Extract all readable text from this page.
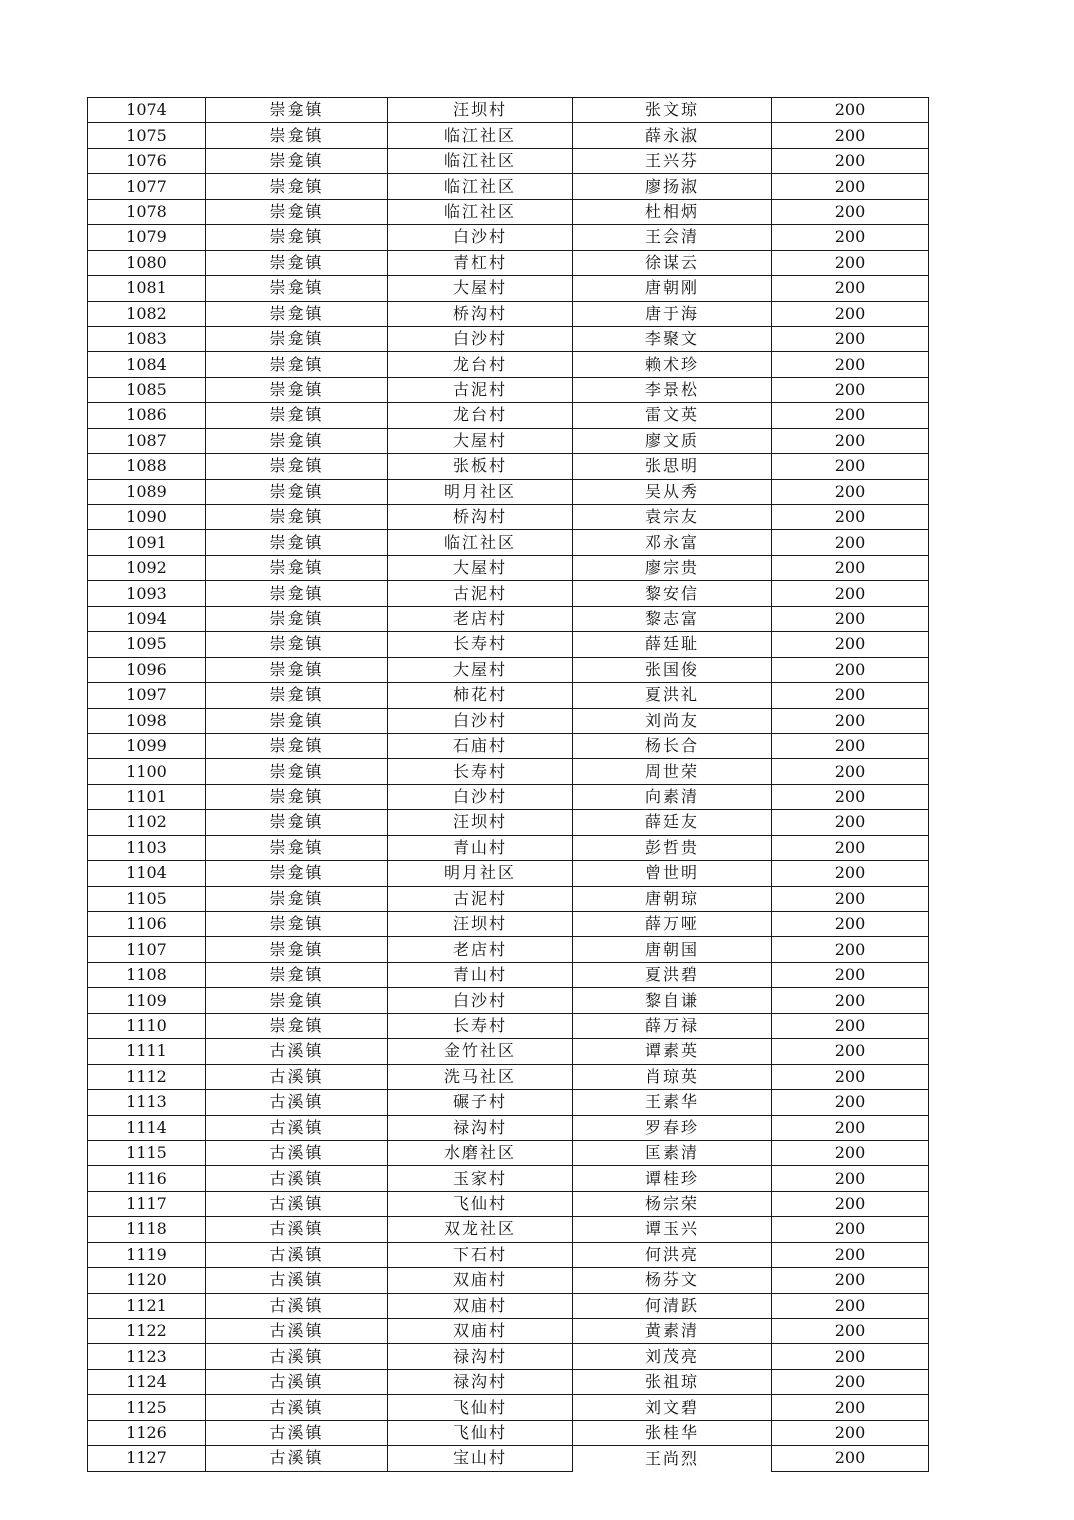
1074	崇龛镇	汪坝村	张文琼	200
1075	崇龛镇	临江社区	薛永淑	200
1076	崇龛镇	临江社区	王兴芬	200
1077	崇龛镇	临江社区	廖扬淑	200
1078	崇龛镇	临江社区	杜相炳	200
1079	崇龛镇	白沙村	王会清	200
1080	崇龛镇	青杠村	徐谋云	200
1081	崇龛镇	大屋村	唐朝刚	200
1082	崇龛镇	桥沟村	唐于海	200
1083	崇龛镇	白沙村	李聚文	200
1084	崇龛镇	龙台村	赖术珍	200
1085	崇龛镇	古泥村	李景松	200
1086	崇龛镇	龙台村	雷文英	200
1087	崇龛镇	大屋村	廖文质	200
1088	崇龛镇	张板村	张思明	200
1089	崇龛镇	明月社区	吴从秀	200
1090	崇龛镇	桥沟村	袁宗友	200
1091	崇龛镇	临江社区	邓永富	200
1092	崇龛镇	大屋村	廖宗贵	200
1093	崇龛镇	古泥村	黎安信	200
1094	崇龛镇	老店村	黎志富	200
1095	崇龛镇	长寿村	薛廷耻	200
1096	崇龛镇	大屋村	张国俊	200
1097	崇龛镇	柿花村	夏洪礼	200
1098	崇龛镇	白沙村	刘尚友	200
1099	崇龛镇	石庙村	杨长合	200
1100	崇龛镇	长寿村	周世荣	200
1101	崇龛镇	白沙村	向素清	200
1102	崇龛镇	汪坝村	薛廷友	200
1103	崇龛镇	青山村	彭哲贵	200
1104	崇龛镇	明月社区	曾世明	200
1105	崇龛镇	古泥村	唐朝琼	200
1106	崇龛镇	汪坝村	薛万哑	200
1107	崇龛镇	老店村	唐朝国	200
1108	崇龛镇	青山村	夏洪碧	200
1109	崇龛镇	白沙村	黎自谦	200
1110	崇龛镇	长寿村	薛万禄	200
1111	古溪镇	金竹社区	谭素英	200
1112	古溪镇	洗马社区	肖琼英	200
1113	古溪镇	碾子村	王素华	200
1114	古溪镇	禄沟村	罗春珍	200
1115	古溪镇	水磨社区	匡素清	200
1116	古溪镇	玉家村	谭桂珍	200
1117	古溪镇	飞仙村	杨宗荣	200
1118	古溪镇	双龙社区	谭玉兴	200
1119	古溪镇	下石村	何洪亮	200
1120	古溪镇	双庙村	杨芬文	200
1121	古溪镇	双庙村	何清跃	200
1122	古溪镇	双庙村	黄素清	200
1123	古溪镇	禄沟村	刘茂亮	200
1124	古溪镇	禄沟村	张祖琼	200
1125	古溪镇	飞仙村	刘文碧	200
1126	古溪镇	飞仙村	张桂华	200
1127	古溪镇	宝山村	王尚烈	200
